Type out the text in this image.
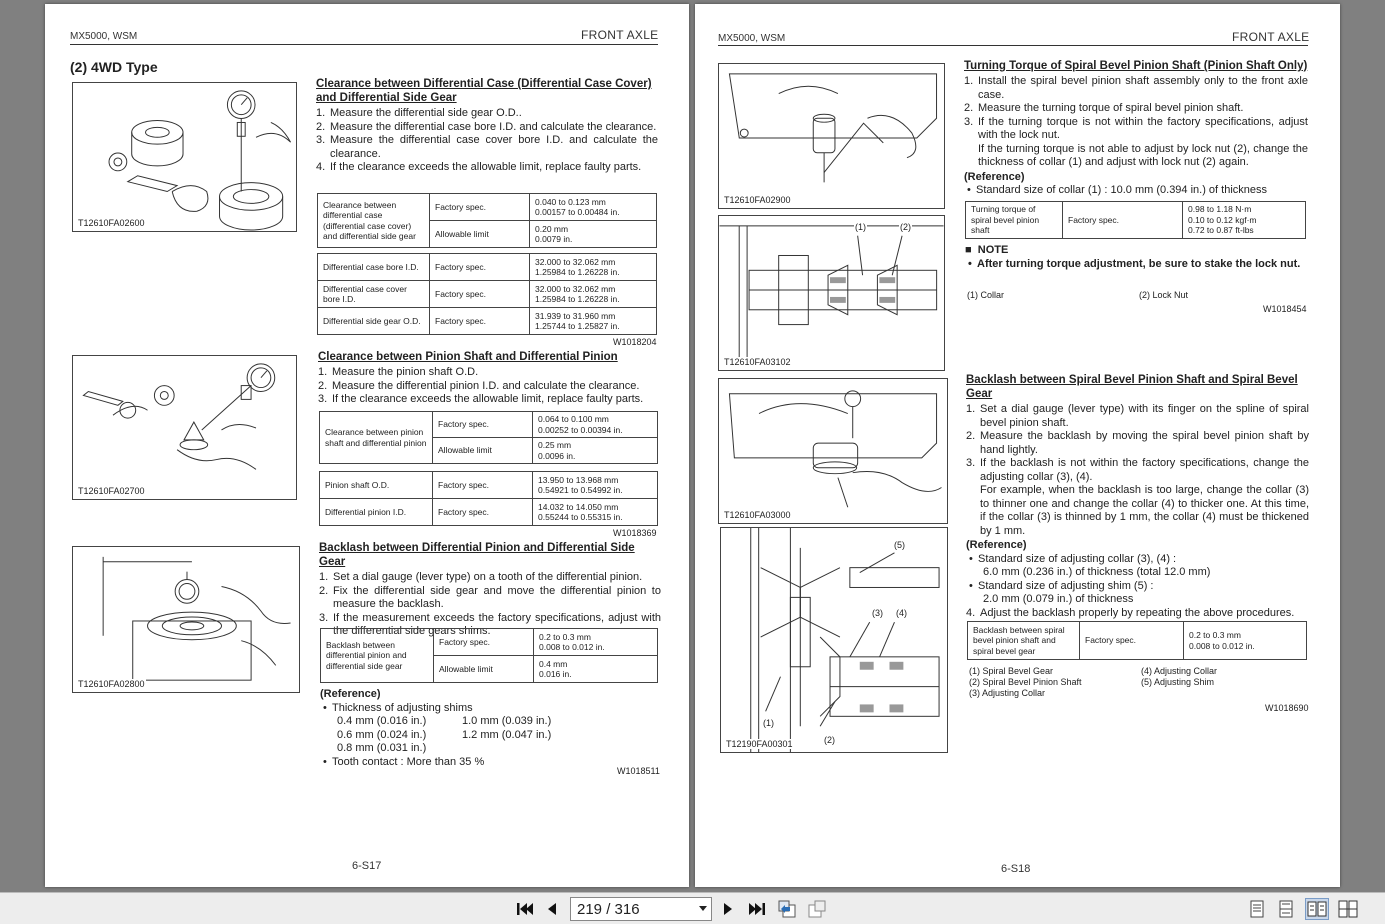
MX5000, WSM	FRONT AXLE
(2) 4WD Type
T12610FA02600
T12610FA02700
T12610FA02800
Clearance between Differential Case (Differential Case Cover) and Differential Side Gear
1. Measure the differential side gear O.D..
2. Measure the differential case bore I.D. and calculate the clearance.
3. Measure the differential case cover bore I.D. and calculate the clearance.
4. If the clearance exceeds the allowable limit, replace faulty parts.
Clearance between differential case (differential case cover) and differential side gear	Factory spec.	0.040 to 0.123 mm
0.00157 to 0.00484 in.
	Allowable limit	0.20 mm
0.0079 in.
Differential case bore I.D.	Factory spec.	32.000 to 32.062 mm
1.25984 to 1.26228 in.
Differential case cover bore I.D.	Factory spec.	32.000 to 32.062 mm
1.25984 to 1.26228 in.
Differential side gear O.D.	Factory spec.	31.939 to 31.960 mm
1.25744 to 1.25827 in.
W1018204
Clearance between Pinion Shaft and Differential Pinion
1. Measure the pinion shaft O.D.
2. Measure the differential pinion I.D. and calculate the clearance.
3. If the clearance exceeds the allowable limit, replace faulty parts.
Clearance between pinion shaft and differential pinion	Factory spec.	0.064 to 0.100 mm
0.00252 to 0.00394 in.
	Allowable limit	0.25 mm
0.0096 in.
Pinion shaft O.D.	Factory spec.	13.950 to 13.968 mm
0.54921 to 0.54992 in.
Differential pinion I.D.	Factory spec.	14.032 to 14.050 mm
0.55244 to 0.55315 in.
W1018369
Backlash between Differential Pinion and Differential Side Gear
1. Set a dial gauge (lever type) on a tooth of the differential pinion.
2. Fix the differential side gear and move the differential pinion to measure the backlash.
3. If the measurement exceeds the factory specifications, adjust with the differential side gears shims.
Backlash between differential pinion and differential side gear	Factory spec.	0.2 to 0.3 mm
0.008 to 0.012 in.
	Allowable limit	0.4 mm
0.016 in.
(Reference)
• Thickness of adjusting shims
0.4 mm (0.016 in.)
0.6 mm (0.024 in.)
0.8 mm (0.031 in.)
1.0 mm (0.039 in.)
1.2 mm (0.047 in.)
• Tooth contact : More than 35 %
W1018511
6-S17
MX5000, WSM	FRONT AXLE
T12610FA02900
(1)	(2)
T12610FA03102
T12610FA03000
(5)
(3) (4)
(1)
(2)
T12190FA00301
Turning Torque of Spiral Bevel Pinion Shaft (Pinion Shaft Only)
1. Install the spiral bevel pinion shaft assembly only to the front axle case.
2. Measure the turning torque of spiral bevel pinion shaft.
3. If the turning torque is not within the factory specifications, adjust with the lock nut.
If the turning torque is not able to adjust by lock nut (2), change the thickness of collar (1) and adjust with lock nut (2) again.
(Reference)
• Standard size of collar (1) : 10.0 mm (0.394 in.) of thickness
Turning torque of spiral bevel pinion shaft	Factory spec.	0.98 to 1.18 N·m
0.10 to 0.12 kgf·m
0.72 to 0.87 ft-lbs
■ NOTE
• After turning torque adjustment, be sure to stake the lock nut.
(1) Collar	(2) Lock Nut
W1018454
Backlash between Spiral Bevel Pinion Shaft and Spiral Bevel Gear
1. Set a dial gauge (lever type) with its finger on the spline of spiral bevel pinion shaft.
2. Measure the backlash by moving the spiral bevel pinion shaft by hand lightly.
3. If the backlash is not within the factory specifications, change the adjusting collar (3), (4).
For example, when the backlash is too large, change the collar (3) to thinner one and change the collar (4) to thicker one. At this time, if the collar (3) is thinned by 1 mm, the collar (4) must be thickened by 1 mm.
(Reference)
• Standard size of adjusting collar (3), (4) :
6.0 mm (0.236 in.) of thickness (total 12.0 mm)
• Standard size of adjusting shim (5) :
2.0 mm (0.079 in.) of thickness
4. Adjust the backlash properly by repeating the above procedures.
Backlash between spiral bevel pinion shaft and spiral bevel gear	Factory spec.	0.2 to 0.3 mm
0.008 to 0.012 in.
(1) Spiral Bevel Gear
(2) Spiral Bevel Pinion Shaft
(3) Adjusting Collar
(4) Adjusting Collar
(5) Adjusting Shim
W1018690
6-S18
219 / 316
